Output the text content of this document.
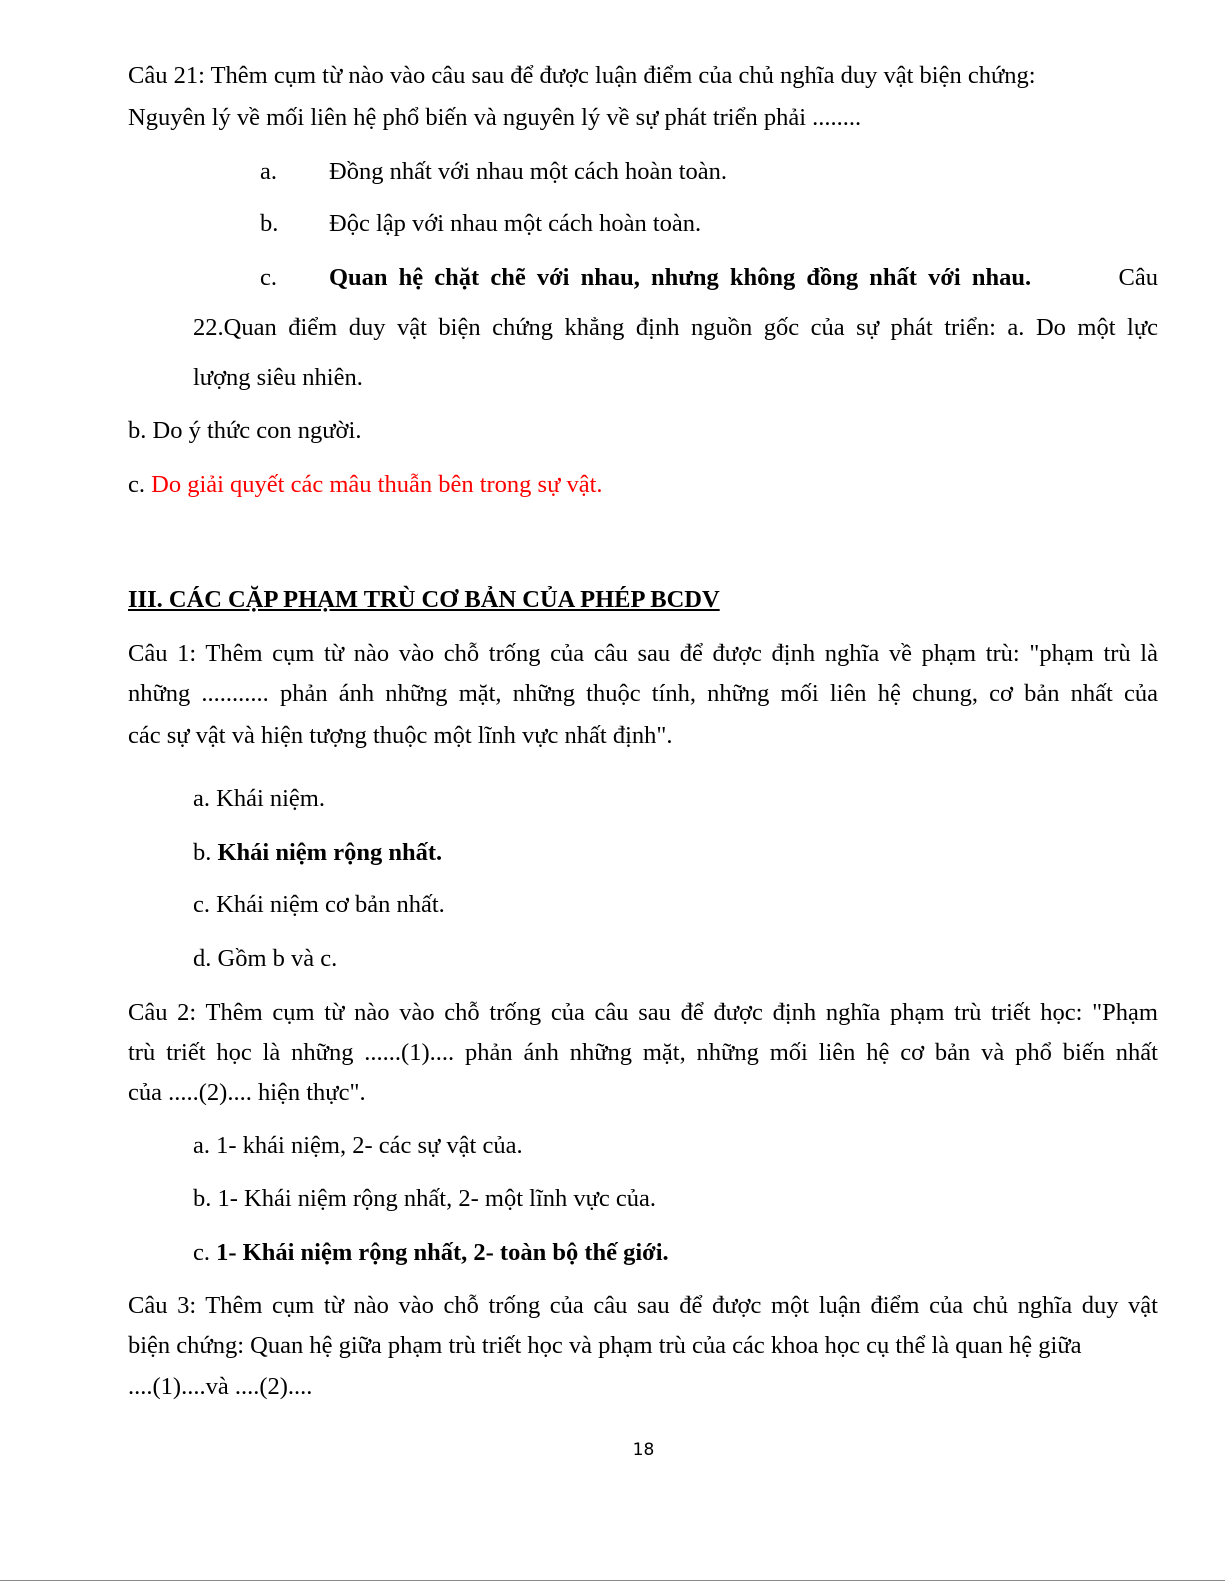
Câu 21: Thêm cụm từ nào vào câu sau để được luận điểm của chủ nghĩa duy vật biện chứng:
Nguyên lý về mối liên hệ phổ biến và nguyên lý về sự phát triển phải ........
a. Đồng nhất với nhau một cách hoàn toàn.
b. Độc lập với nhau một cách hoàn toàn.
c. Quan hệ chặt chẽ với nhau, nhưng không đồng nhất với nhau.	Câu
22.Quan điểm duy vật biện chứng khẳng định nguồn gốc của sự phát triển: a. Do một lực
lượng siêu nhiên.
b. Do ý thức con người.
c. Do giải quyết các mâu thuẫn bên trong sự vật.
III. CÁC CẶP PHẠM TRÙ CƠ BẢN CỦA PHÉP BCDV
Câu 1: Thêm cụm từ nào vào chỗ trống của câu sau để được định nghĩa về phạm trù: "phạm trù là
những ........... phản ánh những mặt, những thuộc tính, những mối liên hệ chung, cơ bản nhất của
các sự vật và hiện tượng thuộc một lĩnh vực nhất định".
a. Khái niệm.
b. Khái niệm rộng nhất.
c. Khái niệm cơ bản nhất.
d. Gồm b và c.
Câu 2: Thêm cụm từ nào vào chỗ trống của câu sau để được định nghĩa phạm trù triết học: "Phạm
trù triết học là những ......(1).... phản ánh những mặt, những mối liên hệ cơ bản và phổ biến nhất
của .....(2).... hiện thực".
a. 1- khái niệm, 2- các sự vật của.
b. 1- Khái niệm rộng nhất, 2- một lĩnh vực của.
c. 1- Khái niệm rộng nhất, 2- toàn bộ thế giới.
Câu 3: Thêm cụm từ nào vào chỗ trống của câu sau để được một luận điểm của chủ nghĩa duy vật
biện chứng: Quan hệ giữa phạm trù triết học và phạm trù của các khoa học cụ thể là quan hệ giữa
....(1)....và ....(2)....
18
